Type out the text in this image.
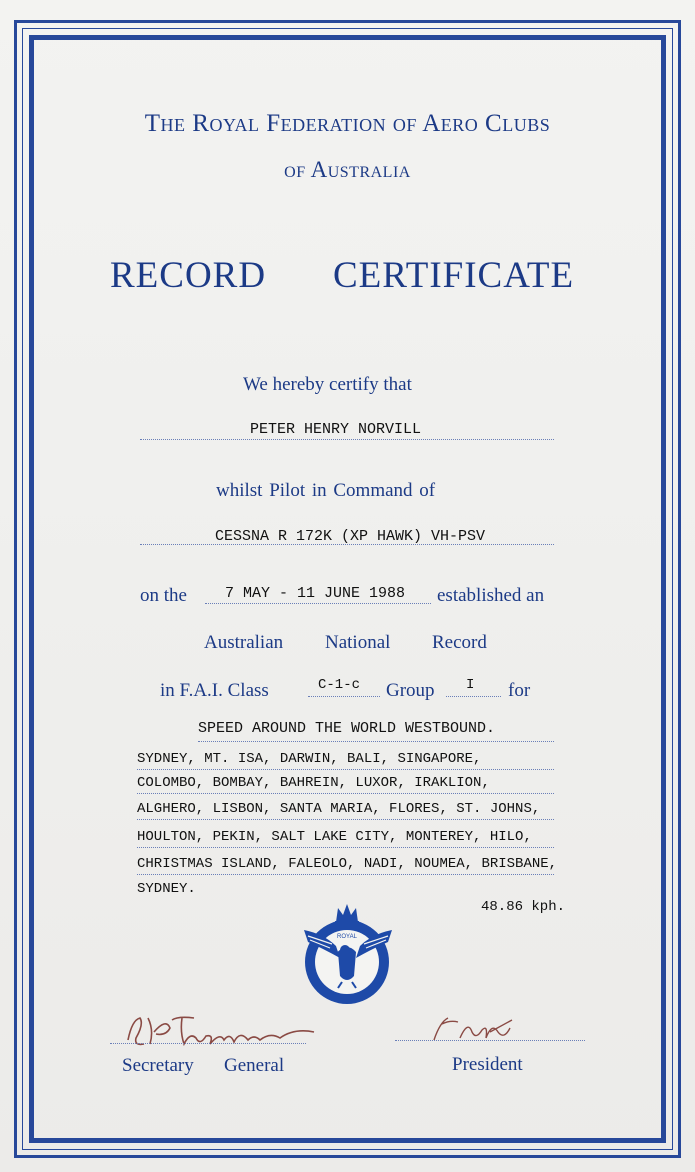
The Royal Federation of Aero Clubs
of Australia
RECORD CERTIFICATE
We hereby certify that
PETER HENRY NORVILL
whilst Pilot in Command of
CESSNA R 172K (XP HAWK) VH-PSV
on the	7 MAY - 11 JUNE 1988 established an
Australian National Record
in F.A.I. Class	C-1-c Group I for
SPEED AROUND THE WORLD WESTBOUND.
SYDNEY, MT. ISA, DARWIN, BALI, SINGAPORE,
COLOMBO, BOMBAY, BAHREIN, LUXOR, IRAKLION,
ALGHERO, LISBON, SANTA MARIA, FLORES, ST. JOHNS,
HOULTON, PEKIN, SALT LAKE CITY, MONTEREY, HILO,
CHRISTMAS ISLAND, FALEOLO, NADI, NOUMEA, BRISBANE,
SYDNEY.
48.86 kph.
ROYAL
Secretary General	President
